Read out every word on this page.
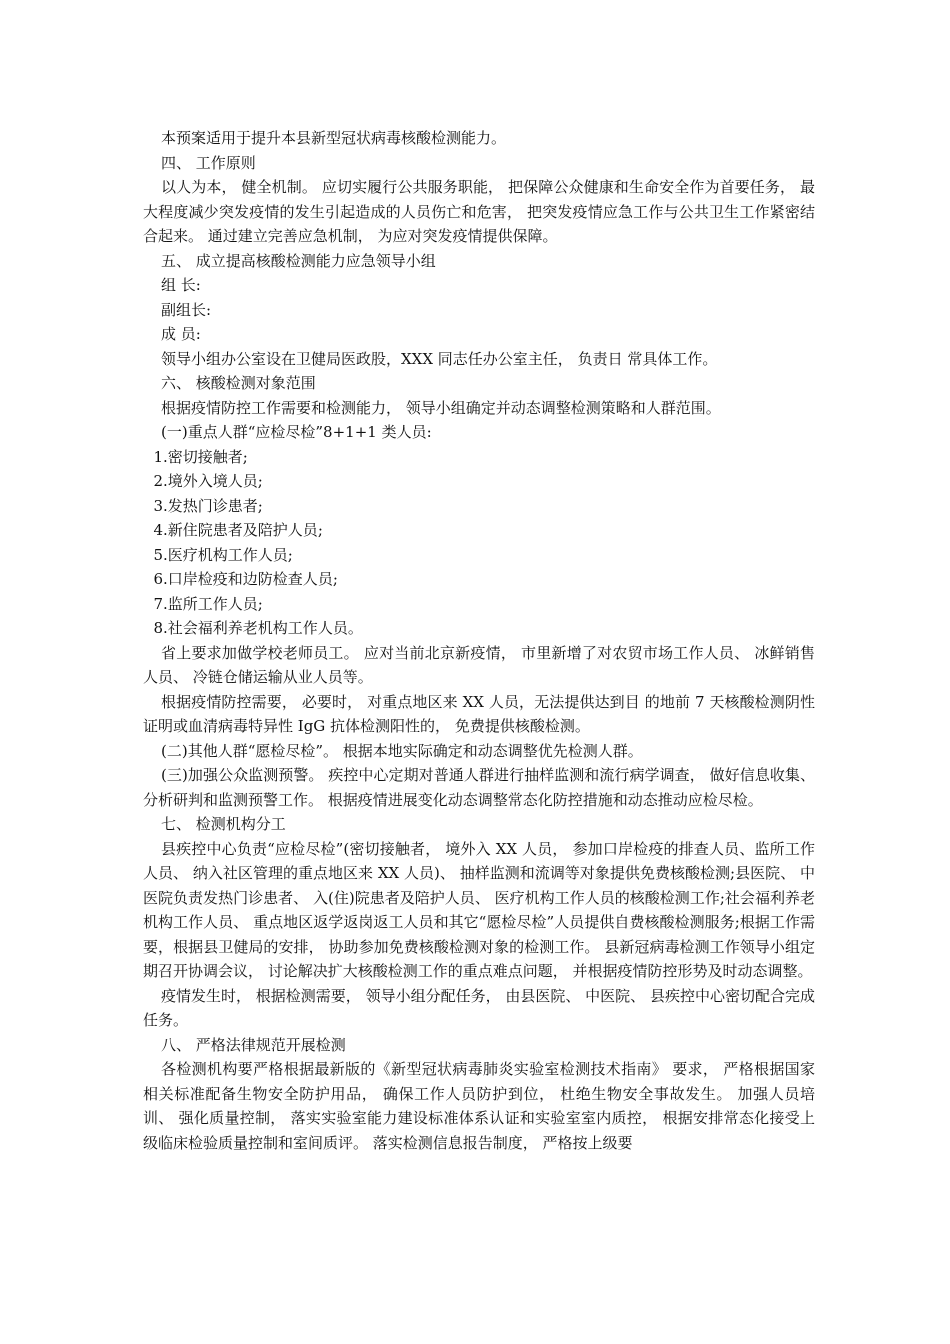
本预案适用于提升本县新型冠状病毒核酸检测能力。

四、 工作原则

以人为本， 健全机制。 应切实履行公共服务职能， 把保障公众健康和生命安全作为首要任务， 最大程度减少突发疫情的发生引起造成的人员伤亡和危害， 把突发疫情应急工作与公共卫生工作紧密结合起来。 通过建立完善应急机制， 为应对突发疫情提供保障。

五、 成立提高核酸检测能力应急领导小组

组 长:

副组长:

成 员:

领导小组办公室设在卫健局医政股，XXX 同志任办公室主任， 负责日 常具体工作。

六、 核酸检测对象范围

根据疫情防控工作需要和检测能力， 领导小组确定并动态调整检测策略和人群范围。

(一)重点人群“应检尽检”8+1+1 类人员:

1.密切接触者;

2.境外入境人员;

3.发热门诊患者;

4.新住院患者及陪护人员;

5.医疗机构工作人员;

6.口岸检疫和边防检查人员;

7.监所工作人员;

8.社会福利养老机构工作人员。

省上要求加做学校老师员工。 应对当前北京新疫情， 市里新增了对农贸市场工作人员、 冰鲜销售人员、 冷链仓储运输从业人员等。

根据疫情防控需要， 必要时， 对重点地区来 XX 人员，无法提供达到目 的地前 7 天核酸检测阴性证明或血清病毒特异性 IgG 抗体检测阳性的， 免费提供核酸检测。

(二)其他人群“愿检尽检”。 根据本地实际确定和动态调整优先检测人群。

(三)加强公众监测预警。 疾控中心定期对普通人群进行抽样监测和流行病学调查， 做好信息收集、 分析研判和监测预警工作。 根据疫情进展变化动态调整常态化防控措施和动态推动应检尽检。

七、 检测机构分工

县疾控中心负责“应检尽检”(密切接触者， 境外入 XX 人员， 参加口岸检疫的排查人员、监所工作人员、 纳入社区管理的重点地区来 XX 人员)、 抽样监测和流调等对象提供免费核酸检测;县医院、 中医院负责发热门诊患者、 入(住)院患者及陪护人员、 医疗机构工作人员的核酸检测工作;社会福利养老机构工作人员、 重点地区返学返岗返工人员和其它“愿检尽检”人员提供自费核酸检测服务;根据工作需要，根据县卫健局的安排， 协助参加免费核酸检测对象的检测工作。 县新冠病毒检测工作领导小组定期召开协调会议， 讨论解决扩大核酸检测工作的重点难点问题， 并根据疫情防控形势及时动态调整。

疫情发生时， 根据检测需要， 领导小组分配任务， 由县医院、 中医院、 县疾控中心密切配合完成任务。

八、 严格法律规范开展检测

各检测机构要严格根据最新版的《新型冠状病毒肺炎实验室检测技术指南》 要求， 严格根据国家相关标准配备生物安全防护用品， 确保工作人员防护到位， 杜绝生物安全事故发生。 加强人员培训、 强化质量控制， 落实实验室能力建设标准体系认证和实验室室内质控， 根据安排常态化接受上级临床检验质量控制和室间质评。 落实检测信息报告制度， 严格按上级要
